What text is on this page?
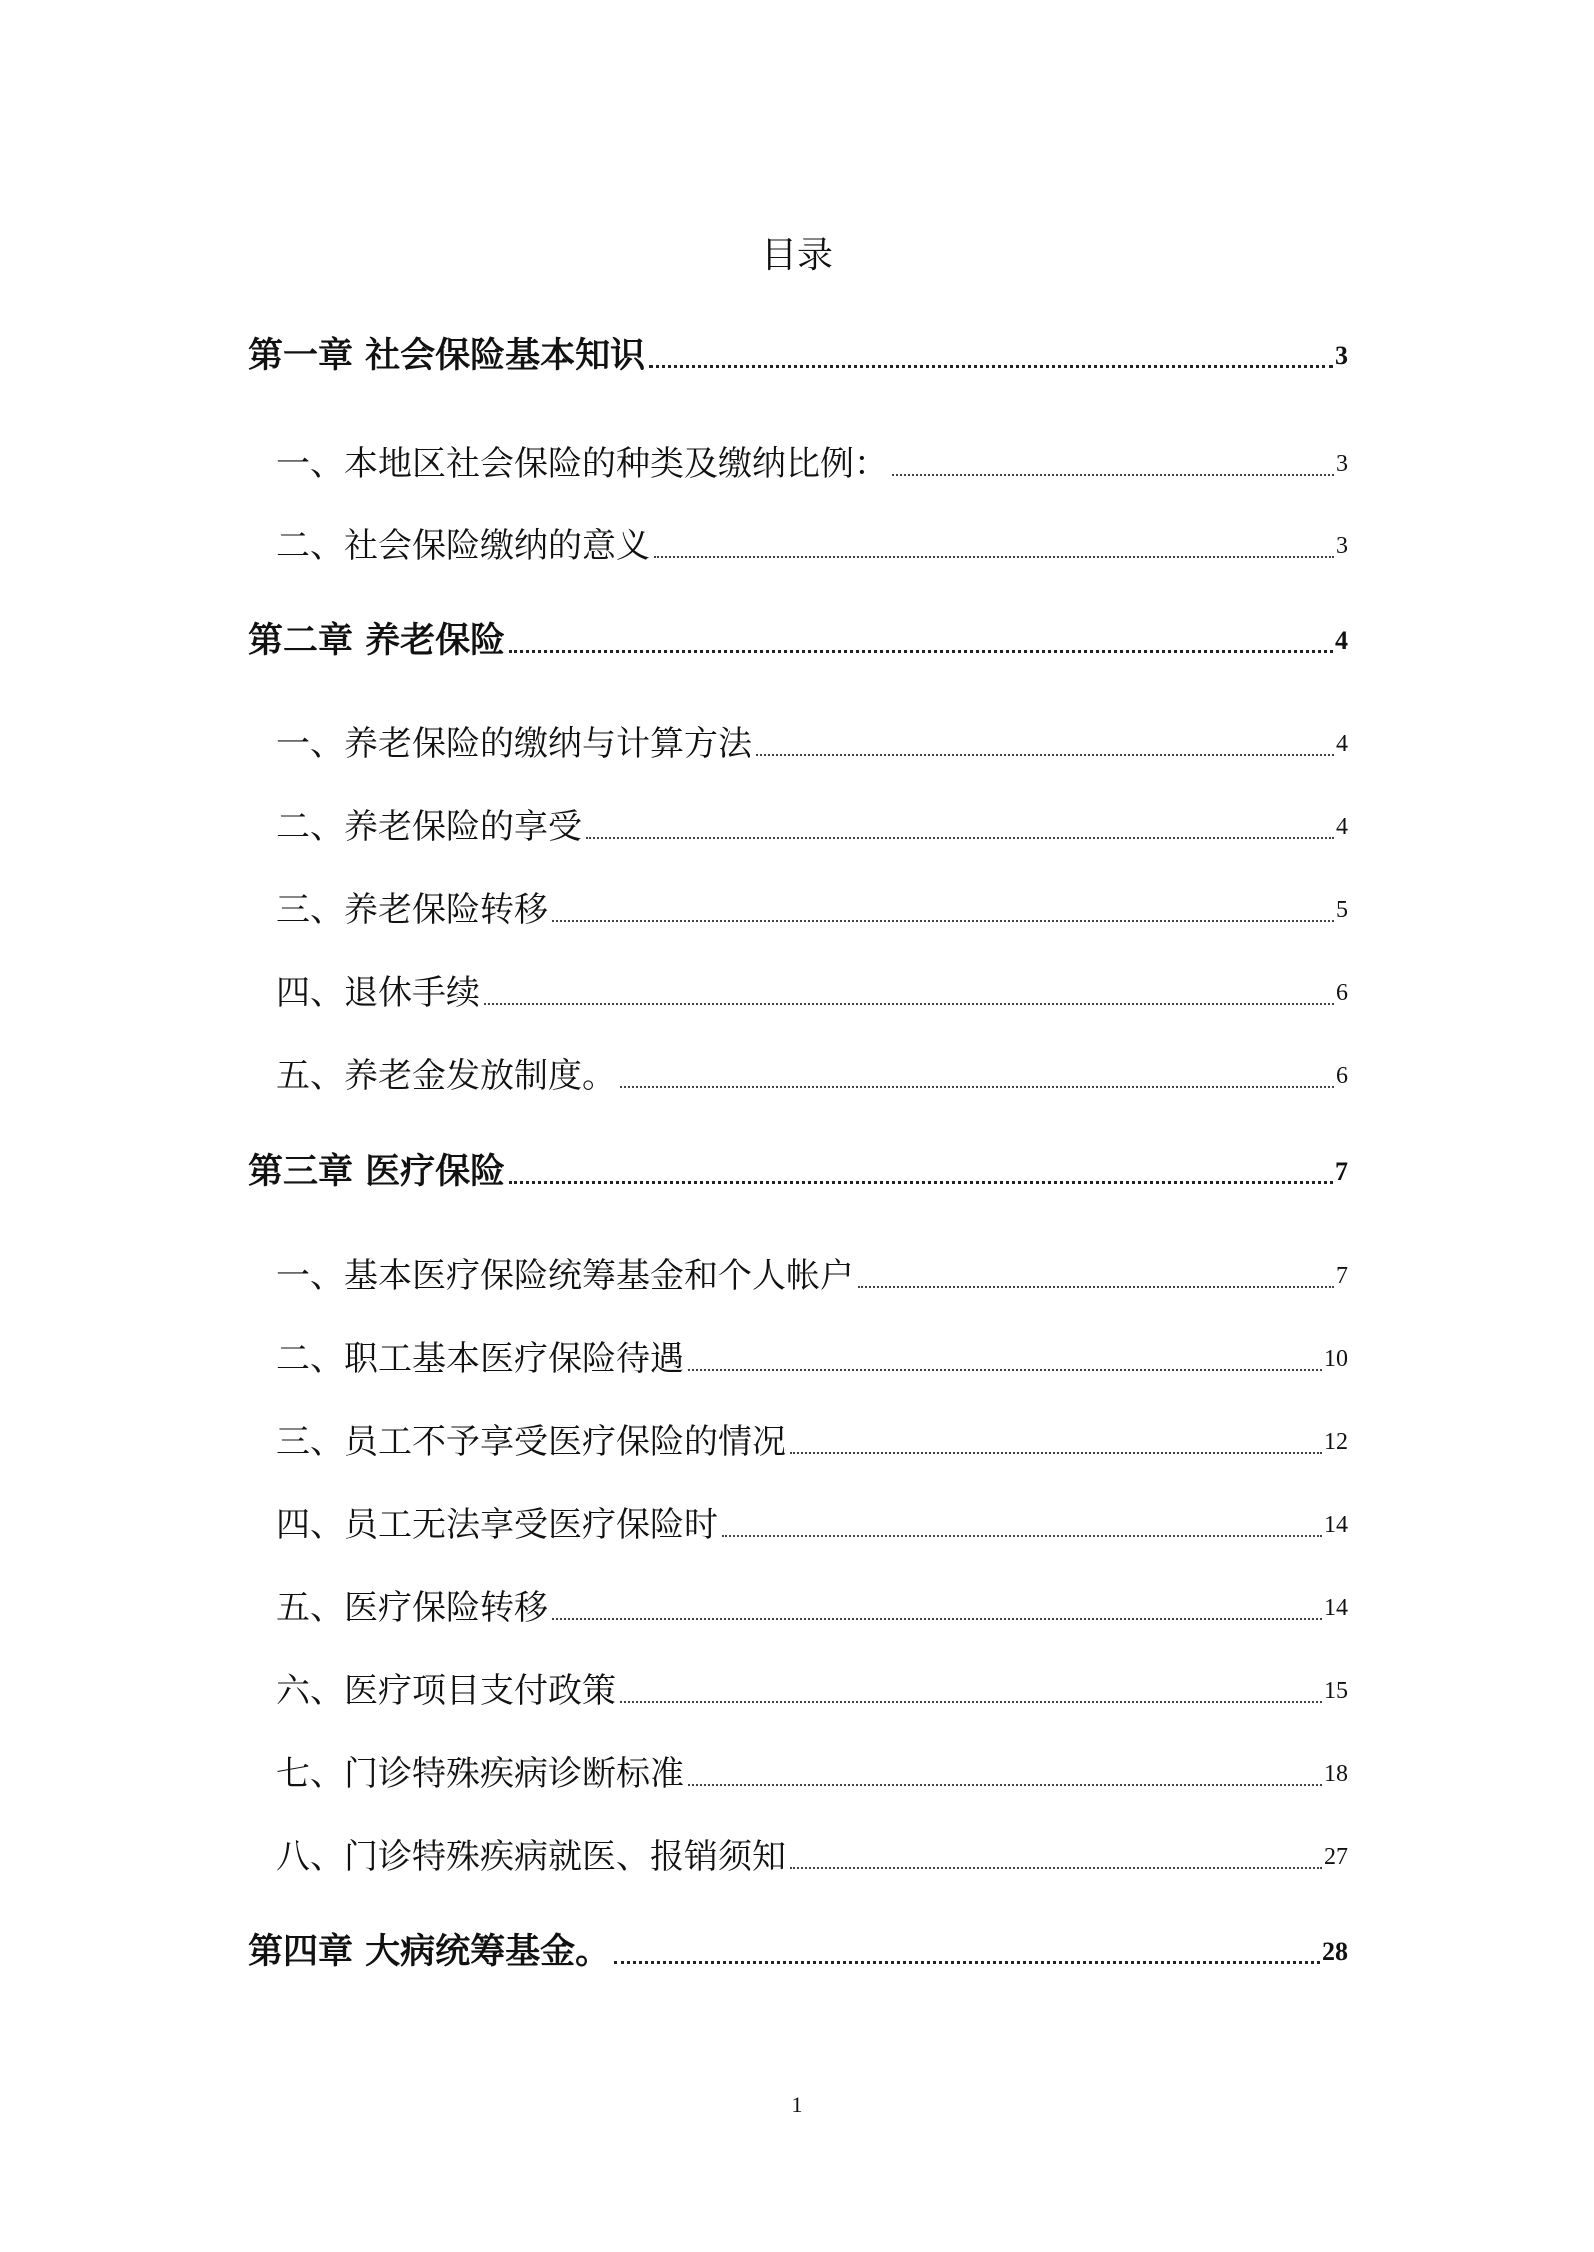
目录
第一章 社会保险基本知识	3
一、本地区社会保险的种类及缴纳比例：	3
二、社会保险缴纳的意义	3
第二章 养老保险	4
一、养老保险的缴纳与计算方法	4
二、养老保险的享受	4
三、养老保险转移	5
四、退休手续	6
五、养老金发放制度。	6
第三章 医疗保险	7
一、基本医疗保险统筹基金和个人帐户	7
二、职工基本医疗保险待遇	10
三、员工不予享受医疗保险的情况	12
四、员工无法享受医疗保险时	14
五、医疗保险转移	14
六、医疗项目支付政策	15
七、门诊特殊疾病诊断标准	18
八、门诊特殊疾病就医、报销须知	27
第四章 大病统筹基金。	28
1
